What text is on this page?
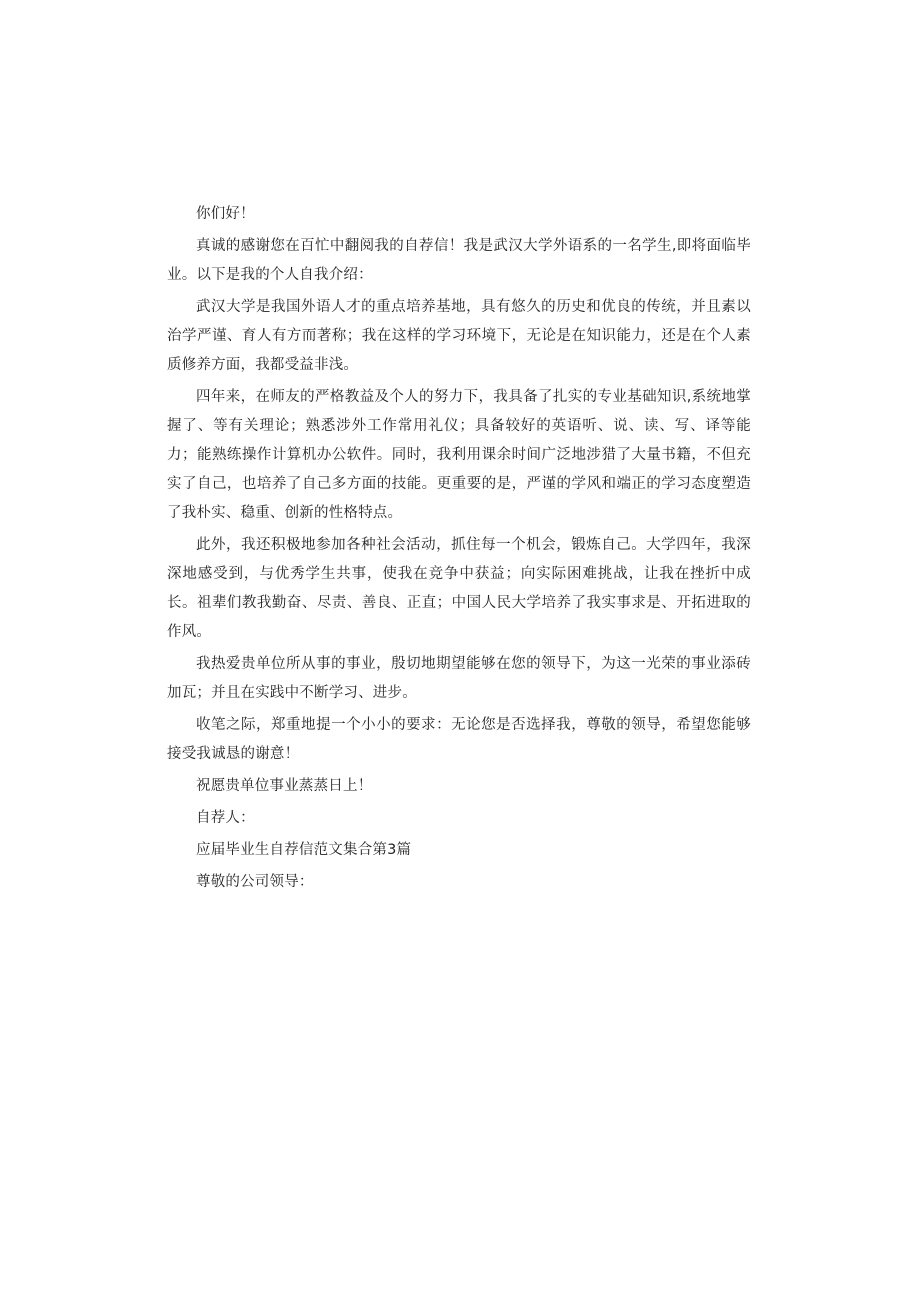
你们好！

真诚的感谢您在百忙中翻阅我的自荐信！我是武汉大学外语系的一名学生,即将面临毕业。以下是我的个人自我介绍：

武汉大学是我国外语人才的重点培养基地，具有悠久的历史和优良的传统，并且素以治学严谨、育人有方而著称；我在这样的学习环境下，无论是在知识能力，还是在个人素质修养方面，我都受益非浅。

四年来，在师友的严格教益及个人的努力下，我具备了扎实的专业基础知识,系统地掌握了、等有关理论；熟悉涉外工作常用礼仪；具备较好的英语听、说、读、写、译等能力；能熟练操作计算机办公软件。同时，我利用课余时间广泛地涉猎了大量书籍，不但充实了自己，也培养了自己多方面的技能。更重要的是，严谨的学风和端正的学习态度塑造了我朴实、稳重、创新的性格特点。

此外，我还积极地参加各种社会活动，抓住每一个机会，锻炼自己。大学四年，我深深地感受到，与优秀学生共事，使我在竞争中获益；向实际困难挑战，让我在挫折中成长。祖辈们教我勤奋、尽责、善良、正直；中国人民大学培养了我实事求是、开拓进取的作风。

我热爱贵单位所从事的事业，殷切地期望能够在您的领导下，为这一光荣的事业添砖加瓦；并且在实践中不断学习、进步。

收笔之际，郑重地提一个小小的要求：无论您是否选择我，尊敬的领导，希望您能够接受我诚恳的谢意！

祝愿贵单位事业蒸蒸日上！

自荐人：

应届毕业生自荐信范文集合第3篇

尊敬的公司领导：
